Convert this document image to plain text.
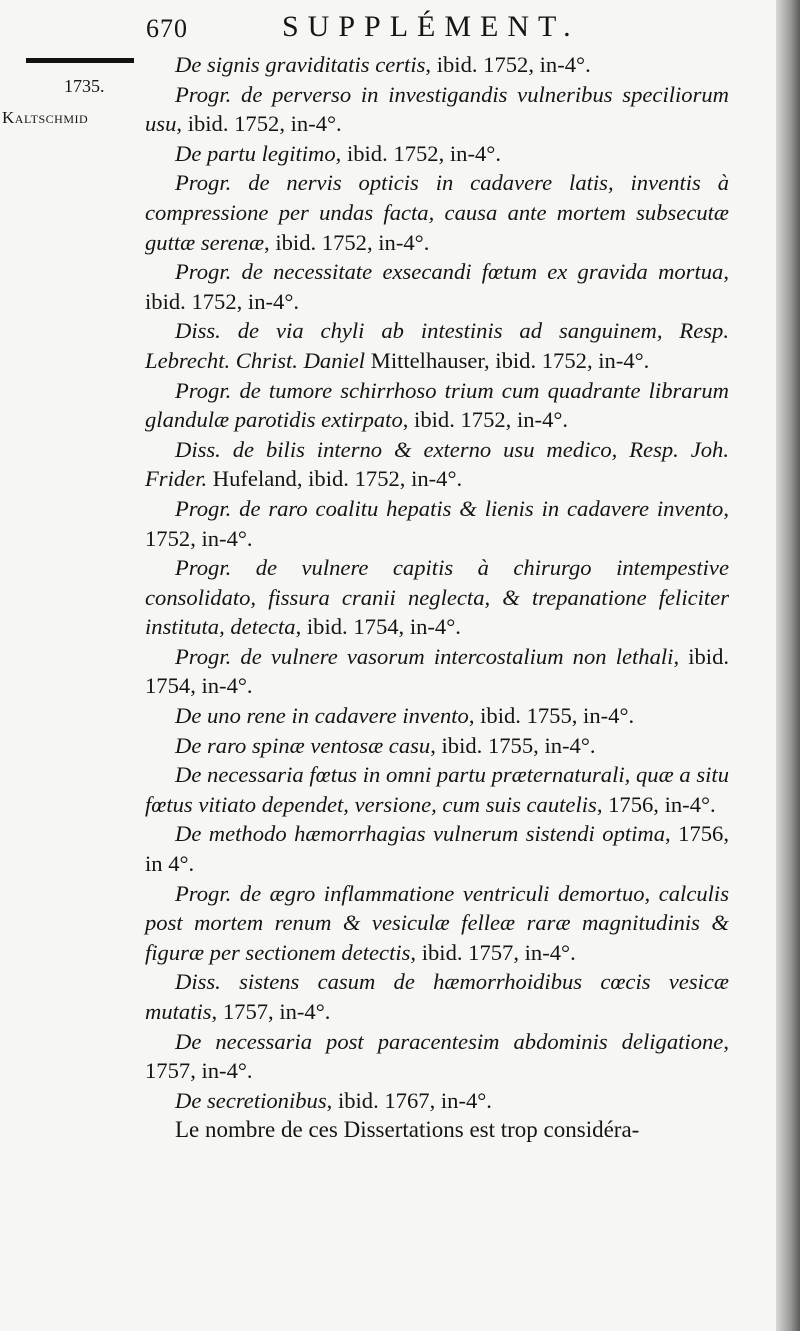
670	SUPPLÉMENT.
1735.
Kaltschmid

De signis graviditatis certis, ibid. 1752, in-4°.

Progr. de perverso in investigandis vulneribus speciliorum usu, ibid. 1752, in-4°.

De partu legitimo, ibid. 1752, in-4°.

Progr. de nervis opticis in cadavere latis, inventis à compressione per undas facta, causa ante mortem subsecutæ guttæ serenæ, ibid. 1752, in-4°.

Progr. de necessitate exsecandi fœtum ex gravida mortua, ibid. 1752, in-4°.

Diss. de via chyli ab intestinis ad sanguinem, Resp. Lebrecht. Christ. Daniel Mittelhauser, ibid. 1752, in-4°.

Progr. de tumore schirrhoso trium cum quadrante librarum glandulæ parotidis extirpato, ibid. 1752, in-4°.

Diss. de bilis interno & externo usu medico, Resp. Joh. Frider. Hufeland, ibid. 1752, in-4°.

Progr. de raro coalitu hepatis & lienis in cadavere invento, 1752, in-4°.

Progr. de vulnere capitis à chirurgo intempestive consolidato, fissura cranii neglecta, & trepanatione feliciter instituta, detecta, ibid. 1754, in-4°.

Progr. de vulnere vasorum intercostalium non lethali, ibid. 1754, in-4°.

De uno rene in cadavere invento, ibid. 1755, in-4°.

De raro spinæ ventosæ casu, ibid. 1755, in-4°.

De necessaria fœtus in omni partu præternaturali, quæ a situ fœtus vitiato dependet, versione, cum suis cautelis, 1756, in-4°.

De methodo hæmorrhagias vulnerum sistendi optima, 1756, in 4°.

Progr. de ægro inflammatione ventriculi demortuo, calculis post mortem renum & vesiculæ felleæ raræ magnitudinis & figuræ per sectionem detectis, ibid. 1757, in-4°.

Diss. sistens casum de hæmorrhoidibus cœcis vesicæ mutatis, 1757, in-4°.

De necessaria post paracentesim abdominis deligatione, 1757, in-4°.

De secretionibus, ibid. 1767, in-4°.

Le nombre de ces Dissertations est trop considéra-
